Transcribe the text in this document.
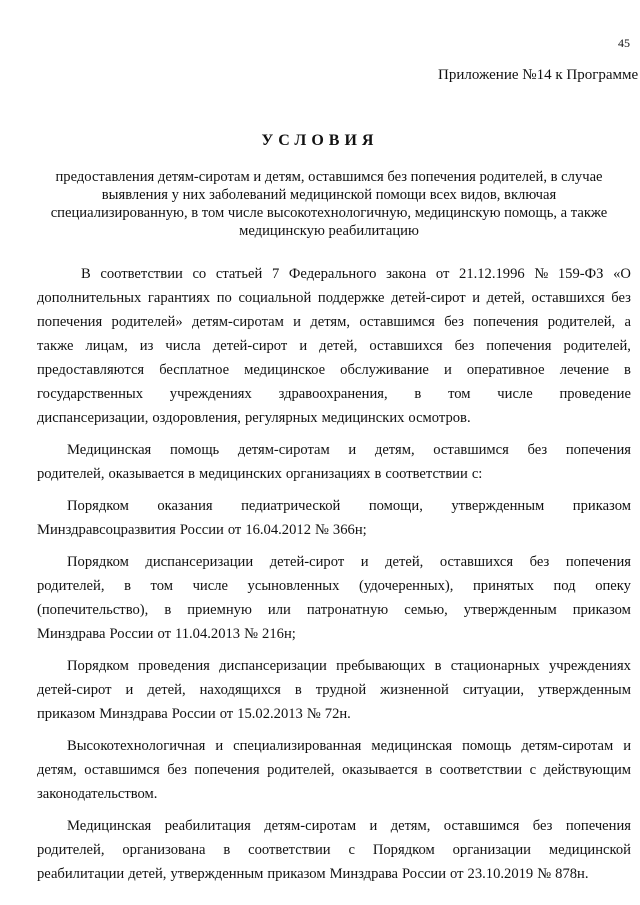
45
Приложение №14 к Программе
УСЛОВИЯ
предоставления детям-сиротам и детям, оставшимся без попечения родителей, в случае
выявления у них заболеваний медицинской помощи всех видов, включая
специализированную, в том числе высокотехнологичную, медицинскую помощь, а также
медицинскую реабилитацию
В соответствии со статьей 7 Федерального закона от 21.12.1996 № 159-ФЗ «О
дополнительных гарантиях по социальной поддержке детей-сирот и детей, оставшихся без
попечения родителей» детям-сиротам и детям, оставшимся без попечения родителей, а
также лицам, из числа детей-сирот и детей, оставшихся без попечения родителей,
предоставляются бесплатное медицинское обслуживание и оперативное лечение в
государственных учреждениях здравоохранения, в том числе проведение
диспансеризации, оздоровления, регулярных медицинских осмотров.
Медицинская помощь детям-сиротам и детям, оставшимся без попечения
родителей, оказывается в медицинских организациях в соответствии с:
Порядком оказания педиатрической помощи, утвержденным приказом
Минздравсоцразвития России от 16.04.2012 № 366н;
Порядком диспансеризации детей-сирот и детей, оставшихся без попечения
родителей, в том числе усыновленных (удочеренных), принятых под опеку
(попечительство), в приемную или патронатную семью, утвержденным приказом
Минздрава России от 11.04.2013 № 216н;
Порядком проведения диспансеризации пребывающих в стационарных учреждениях
детей-сирот и детей, находящихся в трудной жизненной ситуации, утвержденным
приказом Минздрава России от 15.02.2013 № 72н.
Высокотехнологичная и специализированная медицинская помощь детям-сиротам и
детям, оставшимся без попечения родителей, оказывается в соответствии с действующим
законодательством.
Медицинская реабилитация детям-сиротам и детям, оставшимся без попечения
родителей, организована в соответствии с Порядком организации медицинской
реабилитации детей, утвержденным приказом Минздрава России от 23.10.2019 № 878н.
